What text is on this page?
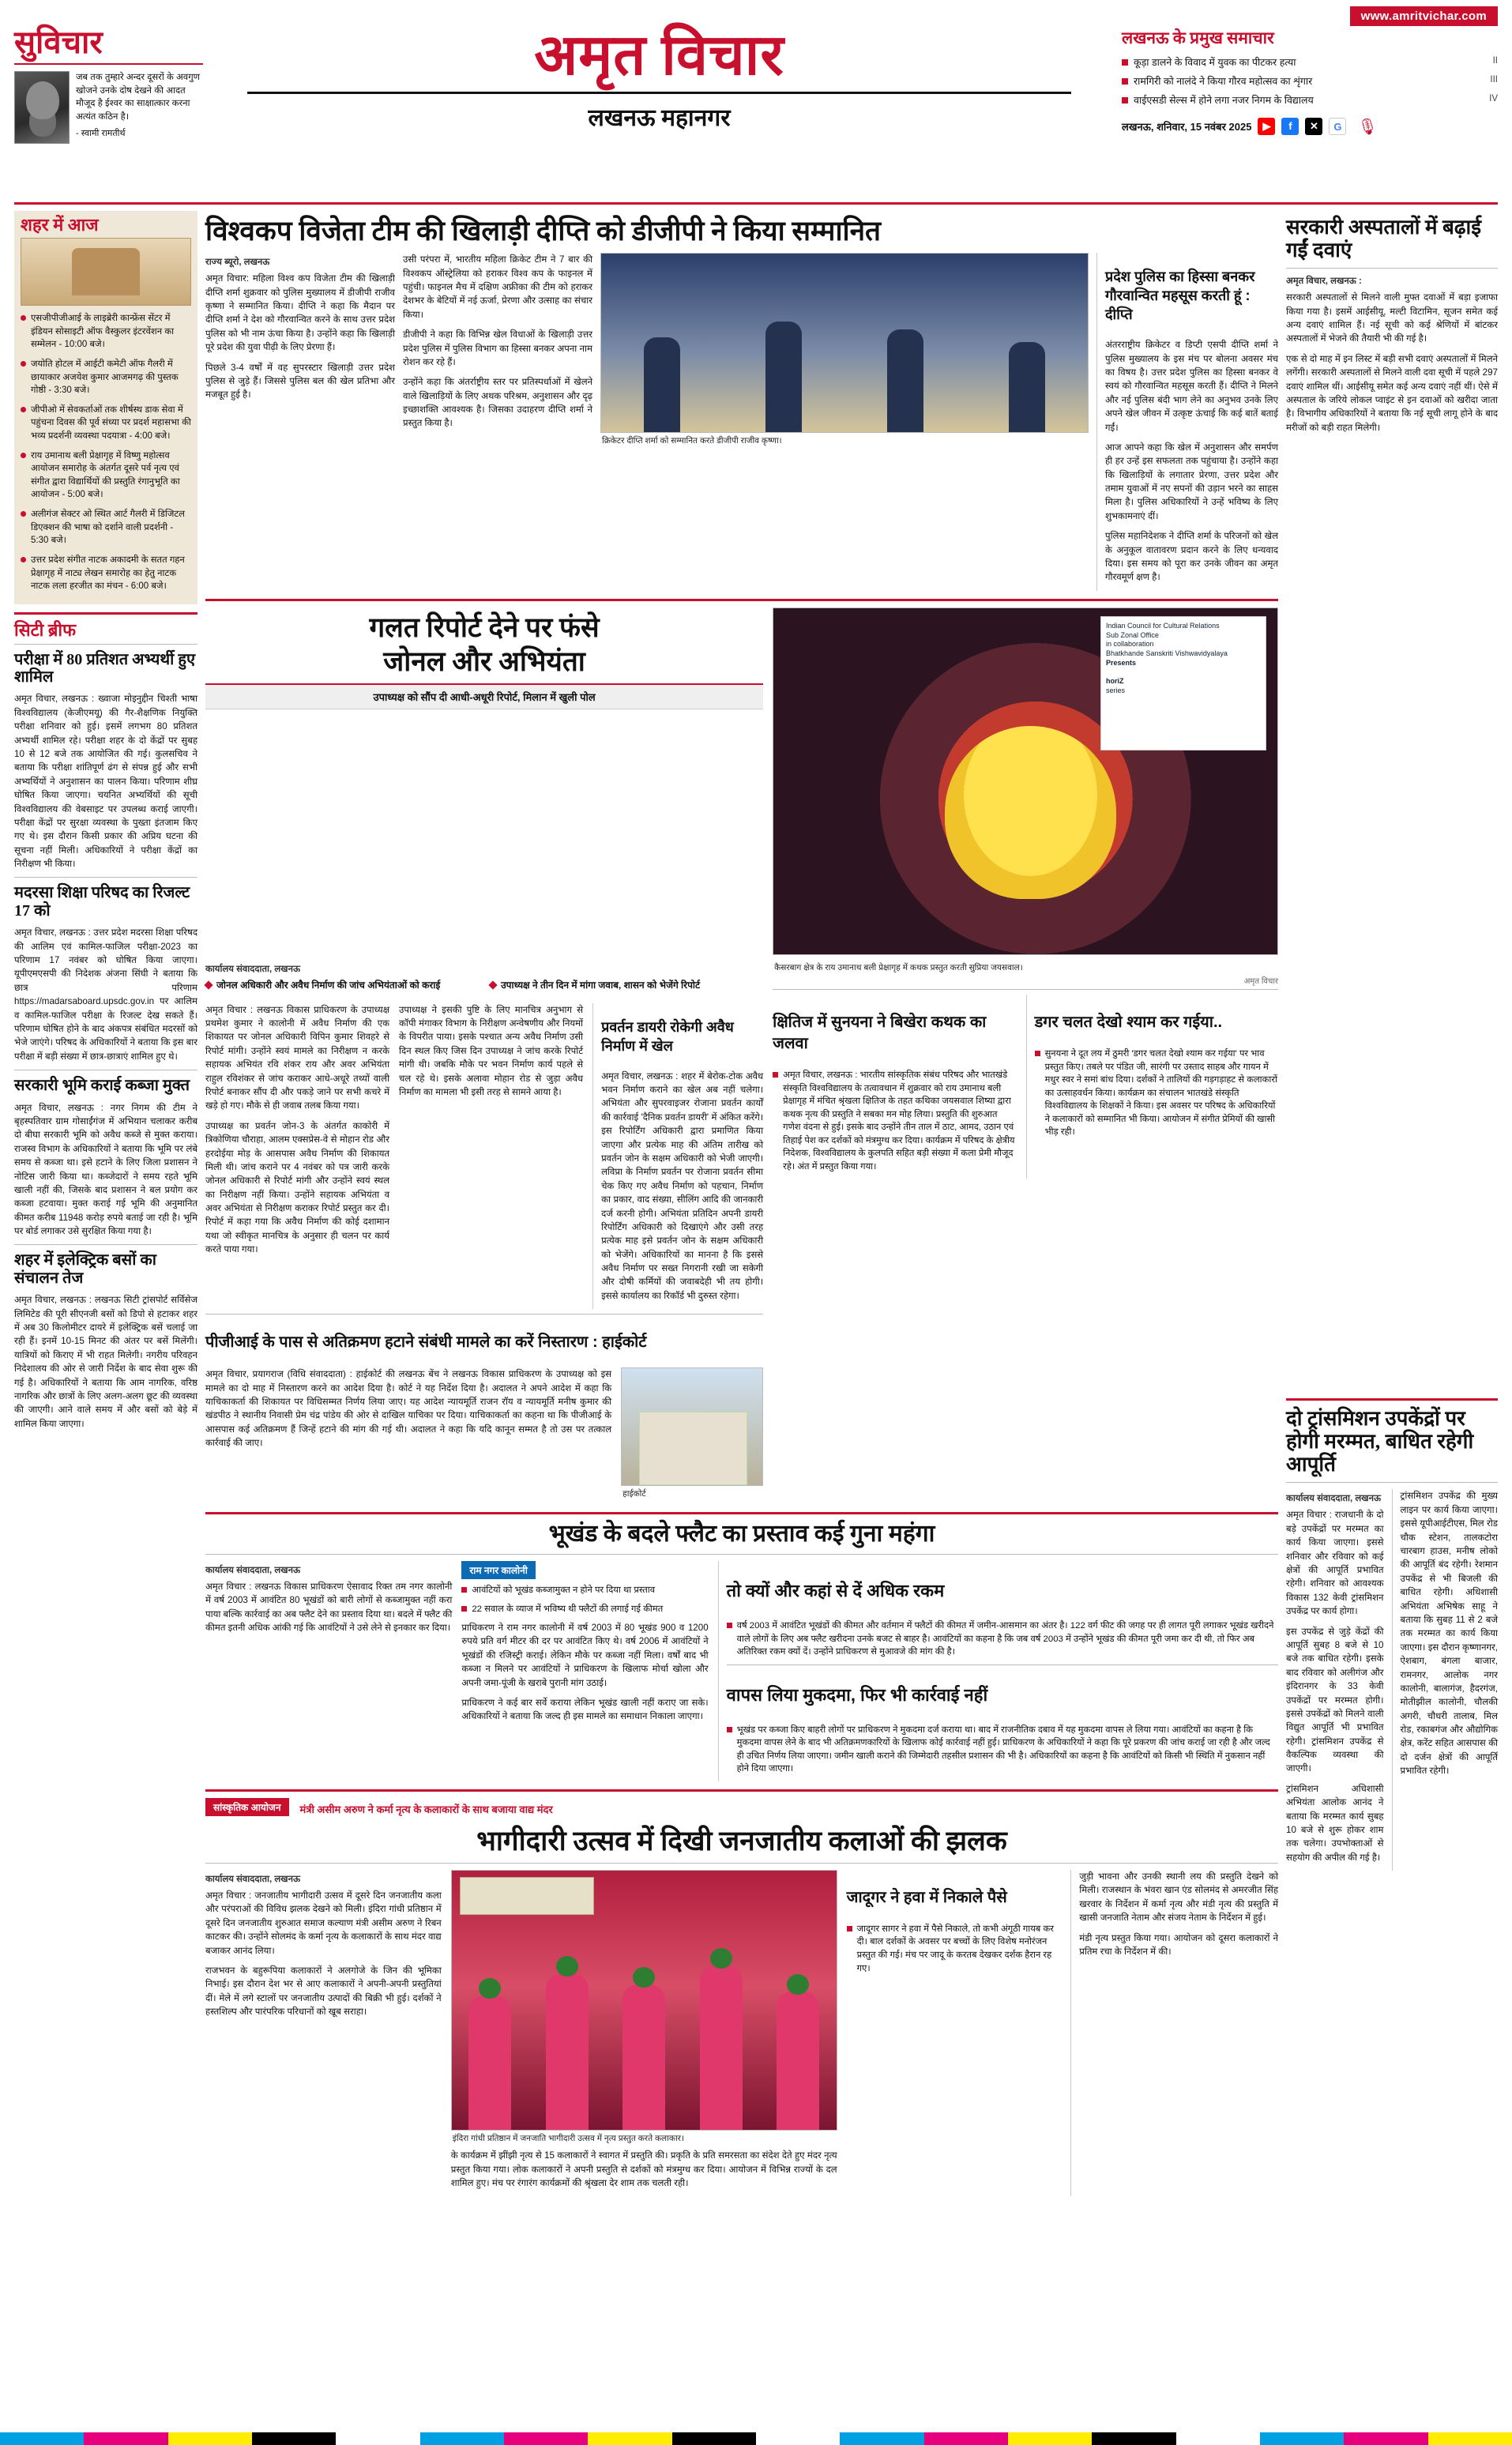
www.amritvichar.com
सुविचार
जब तक तुम्हारे अन्दर दूसरों के अवगुण खोजने उनके दोष देखने की आदत मौजूद है ईश्वर का साक्षात्कार करना अत्यंत कठिन है।
- स्वामी रामतीर्थ
अमृत विचार
लखनऊ महानगर
लखनऊ के प्रमुख समाचार
कूड़ा डालने के विवाद में युवक का पीटकर हत्या	II
रामगिरी को नालंदे ने किया गौरव महोत्सव का शृंगार	III
वाईएसडी सेल्स में होने लगा नजर निगम के विद्यालय	IV
लखनऊ, शनिवार, 15 नवंबर 2025	▶	f	✕	G 🎙
शहर में आज
एसजीपीजीआई के लाइब्रेरी कान्फ्रेंस सेंटर में इंडियन सोसाइटी ऑफ वैस्कुलर इंटरवेंशन का सम्मेलन - 10:00 बजे।
जयोति होटल में आईटी कमेटी ऑफ गैलरी में छायाकार अजयेश कुमार आजमगढ़ की पुस्तक गोष्ठी - 3:30 बजे।
जीपीओ में सेवकर्ताओं तक शीर्षस्थ डाक सेवा में पहुंचना दिवस की पूर्व संध्या पर प्रदर्श महासभा की भव्य प्रदर्शनी व्यवस्था पदयात्रा - 4:00 बजे।
राय उमानाथ बली प्रेक्षागृह में विष्णु महोत्सव आयोजन समारोह के अंतर्गत दूसरे पर्व नृत्य एवं संगीत द्वारा विद्यार्थियों की प्रस्तुति रंगानुभूति का आयोजन - 5:00 बजे।
अलीगंज सेक्टर ओ स्थित आर्ट गैलरी में डिजिटल डिएक्शन की भाषा को दर्शाने वाली प्रदर्शनी - 5:30 बजे।
उत्तर प्रदेश संगीत नाटक अकादमी के सतत गहन प्रेक्षागृह में नाट्य लेखन समारोह का हेतु नाटक नाटक लला हरजीत का मंचन - 6:00 बजे।
सिटी ब्रीफ
परीक्षा में 80 प्रतिशत अभ्यर्थी हुए शामिल

अमृत विचार, लखनऊ : ख्वाजा मोइनुद्दीन चिश्ती भाषा विश्वविद्यालय (केजीएमयू) की गैर-शैक्षणिक नियुक्ति परीक्षा शनिवार को हुई। इसमें लगभग 80 प्रतिशत अभ्यर्थी शामिल रहे। परीक्षा शहर के दो केंद्रों पर सुबह 10 से 12 बजे तक आयोजित की गई। कुलसचिव ने बताया कि परीक्षा शांतिपूर्ण ढंग से संपन्न हुई और सभी अभ्यर्थियों ने अनुशासन का पालन किया। परिणाम शीघ्र घोषित किया जाएगा। चयनित अभ्यर्थियों की सूची विश्वविद्यालय की वेबसाइट पर उपलब्ध कराई जाएगी। परीक्षा केंद्रों पर सुरक्षा व्यवस्था के पुख्ता इंतजाम किए गए थे। इस दौरान किसी प्रकार की अप्रिय घटना की सूचना नहीं मिली। अधिकारियों ने परीक्षा केंद्रों का निरीक्षण भी किया।

मदरसा शिक्षा परिषद का रिजल्ट 17 को

अमृत विचार, लखनऊ : उत्तर प्रदेश मदरसा शिक्षा परिषद की आलिम एवं कामिल-फाजिल परीक्षा-2023 का परिणाम 17 नवंबर को घोषित किया जाएगा। यूपीएमएसपी की निदेशक अंजना सिंघी ने बताया कि छात्र परिणाम https://madarsaboard.upsdc.gov.in पर आलिम व कामिल-फाजिल परीक्षा के रिजल्ट देख सकते हैं। परिणाम घोषित होने के बाद अंकपत्र संबंधित मदरसों को भेजे जाएंगे। परिषद के अधिकारियों ने बताया कि इस बार परीक्षा में बड़ी संख्या में छात्र-छात्राएं शामिल हुए थे।

सरकारी भूमि कराई कब्जा मुक्त

अमृत विचार, लखनऊ : नगर निगम की टीम ने बृहस्पतिवार ग्राम गोसाईंगंज में अभियान चलाकर करीब दो बीघा सरकारी भूमि को अवैध कब्जे से मुक्त कराया। राजस्व विभाग के अधिकारियों ने बताया कि भूमि पर लंबे समय से कब्जा था। इसे हटाने के लिए जिला प्रशासन ने नोटिस जारी किया था। कब्जेदारों ने समय रहते भूमि खाली नहीं की, जिसके बाद प्रशासन ने बल प्रयोग कर कब्जा हटवाया। मुक्त कराई गई भूमि की अनुमानित कीमत करीब 11948 करोड़ रुपये बताई जा रही है। भूमि पर बोर्ड लगाकर उसे सुरक्षित किया गया है।

शहर में इलेक्ट्रिक बसों का संचालन तेज

अमृत विचार, लखनऊ : लखनऊ सिटी ट्रांसपोर्ट सर्विसेज लिमिटेड की पूरी सीएनजी बसों को डिपो से हटाकर शहर में अब 30 किलोमीटर दायरे में इलेक्ट्रिक बसें चलाई जा रही हैं। इनमें 10-15 मिनट की अंतर पर बसें मिलेंगी। यात्रियों को किराए में भी राहत मिलेगी। नगरीय परिवहन निदेशालय की ओर से जारी निर्देश के बाद सेवा शुरू की गई है। अधिकारियों ने बताया कि आम नागरिक, वरिष्ठ नागरिक और छात्रों के लिए अलग-अलग छूट की व्यवस्था की जाएगी। आने वाले समय में और बसों को बेड़े में शामिल किया जाएगा।

विश्वकप विजेता टीम की खिलाड़ी दीप्ति को डीजीपी ने किया सम्मानित
राज्य ब्यूरो, लखनऊ

अमृत विचार: महिला विश्व कप विजेता टीम की खिलाड़ी दीप्ति शर्मा शुक्रवार को पुलिस मुख्यालय में डीजीपी राजीव कृष्णा ने सम्मानित किया। दीप्ति ने कहा कि मैदान पर दीप्ति शर्मा ने देश को गौरवान्वित करने के साथ उत्तर प्रदेश पुलिस को भी नाम ऊंचा किया है। उन्होंने कहा कि खिलाड़ी पूरे प्रदेश की युवा पीढ़ी के लिए प्रेरणा हैं।

पिछले 3-4 वर्षों में वह सुपरस्टार खिलाड़ी उत्तर प्रदेश पुलिस से जुड़े हैं। जिससे पुलिस बल की खेल प्रतिभा और मजबूत हुई है।

उसी परंपरा में, भारतीय महिला क्रिकेट टीम ने 7 बार की विश्वकप ऑस्ट्रेलिया को हराकर विश्व कप के फाइनल में पहुंची। फाइनल मैच में दक्षिण अफ्रीका की टीम को हराकर देशभर के बेटियों में नई ऊर्जा, प्रेरणा और उत्साह का संचार किया।

डीजीपी ने कहा कि विभिन्न खेल विधाओं के खिलाड़ी उत्तर प्रदेश पुलिस में पुलिस विभाग का हिस्सा बनकर अपना नाम रोशन कर रहे हैं।

उन्होंने कहा कि अंतर्राष्ट्रीय स्तर पर प्रतिस्पर्धाओं में खेलने वाले खिलाड़ियों के लिए अथक परिश्रम, अनुशासन और दृढ़ इच्छाशक्ति आवश्यक है। जिसका उदाहरण दीप्ति शर्मा ने प्रस्तुत किया है।

क्रिकेटर दीप्ति शर्मा को सम्मानित करते डीजीपी राजीव कृष्णा।
प्रदेश पुलिस का हिस्सा बनकर गौरवान्वित महसूस करती हूं : दीप्ति

अंतरराष्ट्रीय क्रिकेटर व डिप्टी एसपी दीप्ति शर्मा ने पुलिस मुख्यालय के इस मंच पर बोलना अवसर मंच का विषय है। उत्तर प्रदेश पुलिस का हिस्सा बनकर वे स्वयं को गौरवान्वित महसूस करती हैं। दीप्ति ने मिलने और नई पुलिस बंदी भाग लेने का अनुभव उनके लिए अपने खेल जीवन में उत्कृष्ट ऊंचाई कि कई बातें बताई गईं।

आज आपने कहा कि खेल में अनुशासन और समर्पण ही हर उन्हें इस सफलता तक पहुंचाया है। उन्होंने कहा कि खिलाड़ियों के लगातार प्रेरणा, उत्तर प्रदेश और तमाम युवाओं में नए सपनों की उड़ान भरने का साहस मिला है। पुलिस अधिकारियों ने उन्हें भविष्य के लिए शुभकामनाएं दीं।

पुलिस महानिदेशक ने दीप्ति शर्मा के परिजनों को खेल के अनुकूल वातावरण प्रदान करने के लिए धन्यवाद दिया। इस समय को पूरा कर उनके जीवन का अमृत गौरवमूर्ण क्षण है।

गलत रिपोर्ट देने पर फंसे
जोनल और अभियंता
उपाध्यक्ष को सौंप दी आधी-अधूरी रिपोर्ट, मिलान में खुली पोल
Indian Council for Cultural Relations
Sub Zonal Office
in collaboration
Bhatkhande Sanskriti Vishwavidyalaya
Presents

horiZ
series
कार्यालय संवाददाता, लखनऊ
जोनल अधिकारी और अवैध निर्माण की जांच अभियंताओं को कराई	उपाध्यक्ष ने तीन दिन में मांगा जवाब, शासन को भेजेंगे रिपोर्ट

अमृत विचार : लखनऊ विकास प्राधिकरण के उपाध्यक्ष प्रथमेश कुमार ने कालोनी में अवैध निर्माण की एक शिकायत पर जोनल अधिकारी विपिन कुमार शिवहरे से रिपोर्ट मांगी। उन्होंने स्वयं मामले का निरीक्षण न करके सहायक अभियंत रवि शंकर राय और अवर अभियंता राहुल रविशंकर से जांच कराकर आधे-अधूरे तथ्यों वाली रिपोर्ट बनाकर सौंप दी और पकड़े जाने पर सभी कचरे में खड़े हो गए। मौके से ही जवाब तलब किया गया।

उपाध्यक्ष का प्रवर्तन जोन-3 के अंतर्गत काकोरी में त्रिकोणिया चौराहा, आलम एक्सप्रेस-वे से मोहान रोड और हरदोईया मोड़ के आसपास अवैध निर्माण की शिकायत मिली थी। जांच कराने पर 4 नवंबर को पत्र जारी करके जोनल अधिकारी से रिपोर्ट मांगी और उन्होंने स्वयं स्थल का निरीक्षण नहीं किया। उन्होंने सहायक अभियंता व अवर अभियंता से निरीक्षण कराकर रिपोर्ट प्रस्तुत कर दी। रिपोर्ट में कहा गया कि अवैध निर्माण की कोई दशामान यथा जो स्वीकृत मानचित्र के अनुसार ही चलन पर कार्य करते पाया गया।

उपाध्यक्ष ने इसकी पुष्टि के लिए मानचित्र अनुभाग से कॉपी मंगाकर विभाग के निरीक्षण अन्वेषणीय और नियमों के विपरीत पाया। इसके पश्चात अन्य अवैध निर्माण उसी दिन स्थल किए जिस दिन उपाध्यक्ष ने जांच करके रिपोर्ट मांगी थी। जबकि मौके पर भवन निर्माण कार्य पहले से चल रहे थे। इसके अलावा मोहान रोड से जुड़ा अवैध निर्माण का मामला भी इसी तरह से सामने आया है।

प्रवर्तन डायरी रोकेगी अवैध निर्माण में खेल

अमृत विचार, लखनऊ : शहर में बेरोक-टोक अवैध भवन निर्माण कराने का खेल अब नहीं चलेगा। अभियंता और सुपरवाइजर रोजाना प्रवर्तन कार्यों की कार्रवाई 'दैनिक प्रवर्तन डायरी' में अंकित करेंगे। इस रिपोर्टिंग अधिकारी द्वारा प्रमाणित किया जाएगा और प्रत्येक माह की अंतिम तारीख को प्रवर्तन जोन के सक्षम अधिकारी को भेजी जाएगी। लविप्रा के निर्माण प्रवर्तन पर रोजाना प्रवर्तन सीमा चेक किए गए अवैध निर्माण को पहचान, निर्माण का प्रकार, वाद संख्या, सीलिंग आदि की जानकारी दर्ज करनी होगी। अभियंता प्रतिदिन अपनी डायरी रिपोर्टिंग अधिकारी को दिखाएंगे और उसी तरह प्रत्येक माह इसे प्रवर्तन जोन के सक्षम अधिकारी को भेजेंगे। अधिकारियों का मानना है कि इससे अवैध निर्माण पर सख्त निगरानी रखी जा सकेगी और दोषी कर्मियों की जवाबदेही भी तय होगी। इससे कार्यालय का रिकॉर्ड भी दुरुस्त रहेगा।

पीजीआई के पास से अतिक्रमण हटाने संबंधी मामले का करें निस्तारण : हाईकोर्ट

अमृत विचार, प्रयागराज (विधि संवाददाता) : हाईकोर्ट की लखनऊ बेंच ने लखनऊ विकास प्राधिकरण के उपाध्यक्ष को इस मामले का दो माह में निस्तारण करने का आदेश दिया है। कोर्ट ने यह निर्देश दिया है। अदालत ने अपने आदेश में कहा कि याचिकाकर्ता की शिकायत पर विधिसम्मत निर्णय लिया जाए। यह आदेश न्यायमूर्ति राजन रॉय व न्यायमूर्ति मनीष कुमार की खंडपीठ ने स्थानीय निवासी प्रेम चंद्र पांडेय की ओर से दाखिल याचिका पर दिया। याचिकाकर्ता का कहना था कि पीजीआई के आसपास कई अतिक्रमण हैं जिन्हें हटाने की मांग की गई थी। अदालत ने कहा कि यदि कानून सम्मत है तो उस पर तत्काल कार्रवाई की जाए।

हाईकोर्ट
कैसरबाग क्षेत्र के राय उमानाथ बली प्रेक्षागृह में कथक प्रस्तुत करती सुप्रिया जयसवाल।
अमृत विचार
क्षितिज में सुनयना ने बिखेरा कथक का जलवा
अमृत विचार, लखनऊ : भारतीय सांस्कृतिक संबंध परिषद और भातखंडे संस्कृति विश्वविद्यालय के तत्वावधान में शुक्रवार को राय उमानाथ बली प्रेक्षागृह में मंचित श्रृंखला क्षितिज के तहत कथिका जयसवाल शिष्या द्वारा कथक नृत्य की प्रस्तुति ने सबका मन मोह लिया। प्रस्तुति की शुरुआत गणेश वंदना से हुई। इसके बाद उन्होंने तीन ताल में ठाट, आमद, उठान एवं तिहाई पेश कर दर्शकों को मंत्रमुग्ध कर दिया। कार्यक्रम में परिषद के क्षेत्रीय निदेशक, विश्वविद्यालय के कुलपति सहित बड़ी संख्या में कला प्रेमी मौजूद रहे। अंत में प्रस्तुत किया गया।
डगर चलत देखो श्याम कर गईया..
सुनयना ने दूत लय में ठुमरी 'डगर चलत देखो श्याम कर गईया' पर भाव प्रस्तुत किए। तबले पर पंडित जी, सारंगी पर उस्ताद साहब और गायन में मधुर स्वर ने समां बांध दिया। दर्शकों ने तालियों की गड़गड़ाहट से कलाकारों का उत्साहवर्धन किया। कार्यक्रम का संचालन भातखंडे संस्कृति विश्वविद्यालय के शिक्षकों ने किया। इस अवसर पर परिषद के अधिकारियों ने कलाकारों को सम्मानित भी किया। आयोजन में संगीत प्रेमियों की खासी भीड़ रही।
भूखंड के बदले फ्लैट का प्रस्ताव कई गुना महंगा
कार्यालय संवाददाता, लखनऊ

अमृत विचार : लखनऊ विकास प्राधिकरण ऐसावाद रिक्त तम नगर कालोनी में वर्ष 2003 में आवंटित 80 भूखंडों को बारी लोगों से कब्जामुक्त नहीं करा पाया बल्कि कार्रवाई का अब फ्लैट देने का प्रस्ताव दिया था। बदले में फ्लैट की कीमत इतनी अधिक आंकी गई कि आवंटियों ने उसे लेने से इनकार कर दिया।

राम नगर कालोनी
आवंटियों को भूखंड कब्जामुक्त न होने पर दिया था प्रस्ताव
22 सवाल के व्याज में भविष्य थी फ्लैटों की लगाई गई कीमत

प्राधिकरण ने राम नगर कालोनी में वर्ष 2003 में 80 भूखंड 900 व 1200 रुपये प्रति वर्ग मीटर की दर पर आवंटित किए थे। वर्ष 2006 में आवंटियों ने भूखंडों की रजिस्ट्री कराई। लेकिन मौके पर कब्जा नहीं मिला। वर्षों बाद भी कब्जा न मिलने पर आवंटियों ने प्राधिकरण के खिलाफ मोर्चा खोला और अपनी जमा-पूंजी के खराबे पुरानी मांग उठाई।

प्राधिकरण ने कई बार सर्वे कराया लेकिन भूखंड खाली नहीं कराए जा सके। अधिकारियों ने बताया कि जल्द ही इस मामले का समाधान निकाला जाएगा।

तो क्यों और कहां से दें अधिक रकम
वर्ष 2003 में आवंटित भूखंडों की कीमत और वर्तमान में फ्लैटों की कीमत में जमीन-आसमान का अंतर है। 122 वर्ग फीट की जगह पर ही लागत पूरी लगाकर भूखंड खरीदने वाले लोगों के लिए अब फ्लैट खरीदना उनके बजट से बाहर है। आवंटियों का कहना है कि जब वर्ष 2003 में उन्होंने भूखंड की कीमत पूरी जमा कर दी थी, तो फिर अब अतिरिक्त रकम क्यों दें। उन्होंने प्राधिकरण से मुआवजे की मांग की है।
वापस लिया मुकदमा, फिर भी कार्रवाई नहीं
भूखंड पर कब्जा किए बाहरी लोगों पर प्राधिकरण ने मुकदमा दर्ज कराया था। बाद में राजनीतिक दबाव में यह मुकदमा वापस ले लिया गया। आवंटियों का कहना है कि मुकदमा वापस लेने के बाद भी अतिक्रमणकारियों के खिलाफ कोई कार्रवाई नहीं हुई। प्राधिकरण के अधिकारियों ने कहा कि पूरे प्रकरण की जांच कराई जा रही है और जल्द ही उचित निर्णय लिया जाएगा। जमीन खाली कराने की जिम्मेदारी तहसील प्रशासन की भी है। अधिकारियों का कहना है कि आवंटियों को किसी भी स्थिति में नुकसान नहीं होने दिया जाएगा।
सांस्कृतिक आयोजन	मंत्री असीम अरुण ने कर्मा नृत्य के कलाकारों के साथ बजाया वाद्य मंदर
भागीदारी उत्सव में दिखी जनजातीय कलाओं की झलक
कार्यालय संवाददाता, लखनऊ

अमृत विचार : जनजातीय भागीदारी उत्सव में दूसरे दिन जनजातीय कला और परंपराओं की विविध झलक देखने को मिली। इंदिरा गांधी प्रतिष्ठान में दूसरे दिन जनजातीय शुरुआत समाज कल्याण मंत्री असीम अरुण ने रिबन काटकर की। उन्होंने सोलमंद के कर्मा नृत्य के कलाकारों के साथ मंदर वाद्य बजाकर आनंद लिया।

राजभवन के बहुरूपिया कलाकारों ने अलगोजे के जिन की भूमिका निभाई। इस दौरान देश भर से आए कलाकारों ने अपनी-अपनी प्रस्तुतियां दीं। मेले में लगे स्टालों पर जनजातीय उत्पादों की बिक्री भी हुई। दर्शकों ने हस्तशिल्प और पारंपरिक परिधानों को खूब सराहा।

इंदिरा गांधी प्रतिष्ठान में जनजाति भागीदारी उत्सव में नृत्य प्रस्तुत करते कलाकार।

के कार्यक्रम में झींझी नृत्य से 15 कलाकारों ने स्वागत में प्रस्तुति की। प्रकृति के प्रति समरसता का संदेश देते हुए मंदर नृत्य प्रस्तुत किया गया। लोक कलाकारों ने अपनी प्रस्तुति से दर्शकों को मंत्रमुग्ध कर दिया। आयोजन में विभिन्न राज्यों के दल शामिल हुए। मंच पर रंगारंग कार्यक्रमों की श्रृंखला देर शाम तक चलती रही।

जादूगर ने हवा में निकाले पैसे
जादूगर सागर ने हवा में पैसे निकाले, तो कभी अंगूठी गायब कर दी। बाल दर्शकों के अवसर पर बच्चों के लिए विशेष मनोरंजन प्रस्तुत की गई। मंच पर जादू के करतब देखकर दर्शक हैरान रह गए।

जुड़ी भावना और उनकी स्थानी लय की प्रस्तुति देखने को मिली। राजस्थान के भंवरा खान एंड सोलमंद से अमरजीत सिंह खरवार के निर्देशन में कर्मा नृत्य और मंडी नृत्य की प्रस्तुति में खासी जनजाति नेताम और संजय नेताम के निर्देशन में हुई।

मंडी नृत्य प्रस्तुत किया गया। आयोजन को दूसरा कलाकारों ने प्रतिम रचा के निर्देशन में की।

सरकारी अस्पतालों में बढ़ाई गईं दवाएं
अमृत विचार, लखनऊ :

सरकारी अस्पतालों से मिलने वाली मुफ्त दवाओं में बड़ा इजाफा किया गया है। इसमें आईसीयू, मल्टी विटामिन, सूजन समेत कई अन्य दवाएं शामिल हैं। नई सूची को कई श्रेणियों में बांटकर अस्पतालों में भेजने की तैयारी भी की गई है।

एक से दो माह में इन लिस्ट में बड़ी सभी दवाएं अस्पतालों में मिलने लगेंगी। सरकारी अस्पतालों से मिलने वाली दवा सूची में पहले 297 दवाएं शामिल थीं। आईसीयू समेत कई अन्य दवाएं नहीं थीं। ऐसे में अस्पताल के जरिये लोकल प्वाइंट से इन दवाओं को खरीदा जाता है। विभागीय अधिकारियों ने बताया कि नई सूची लागू होने के बाद मरीजों को बड़ी राहत मिलेगी।

दो ट्रांसमिशन उपकेंद्रों पर होगी मरम्मत, बाधित रहेगी आपूर्ति
कार्यालय संवाददाता, लखनऊ

अमृत विचार : राजधानी के दो बड़े उपकेंद्रों पर मरम्मत का कार्य किया जाएगा। इससे शनिवार और रविवार को कई क्षेत्रों की आपूर्ति प्रभावित रहेगी। शनिवार को आवश्यक विकास 132 केवी ट्रांसमिशन उपकेंद्र पर कार्य होगा।

इस उपकेंद्र से जुड़े केंद्रों की आपूर्ति सुबह 8 बजे से 10 बजे तक बाधित रहेगी। इसके बाद रविवार को अलीगंज और इंदिरानगर के 33 केवी उपकेंद्रों पर मरम्मत होगी। इससे उपकेंद्रों को मिलने वाली विद्युत आपूर्ति भी प्रभावित रहेगी। ट्रांसमिशन उपकेंद्र से वैकल्पिक व्यवस्था की जाएगी।

ट्रांसमिशन अधिशासी अभियंता आलोक आनंद ने बताया कि मरम्मत कार्य सुबह 10 बजे से शुरू होकर शाम तक चलेगा। उपभोक्ताओं से सहयोग की अपील की गई है।

ट्रांसमिशन उपकेंद्र की मुख्य लाइन पर कार्य किया जाएगा। इससे यूपीआईटीएस, मिल रोड चौक स्टेशन, तालकटोरा चारबाग हाउस, मनीष लोको की आपूर्ति बंद रहेगी। रेशमान उपकेंद्र से भी बिजली की बाधित रहेगी। अधिशासी अभियंता अभिषेक साहू ने बताया कि सुबह 11 से 2 बजे तक मरम्मत का कार्य किया जाएगा। इस दौरान कृष्णानगर, ऐशबाग, बंगला बाजार, रामनगर, आलोक नगर कालोनी, बालागंज, हैदरगंज, मोतीझील कालोनी, चौलकी अगरी, चौधरी तालाब, मिल रोड, रकाबगंज और औद्योगिक क्षेत्र, करेंट सहित आसपास की दो दर्जन क्षेत्रों की आपूर्ति प्रभावित रहेगी।
